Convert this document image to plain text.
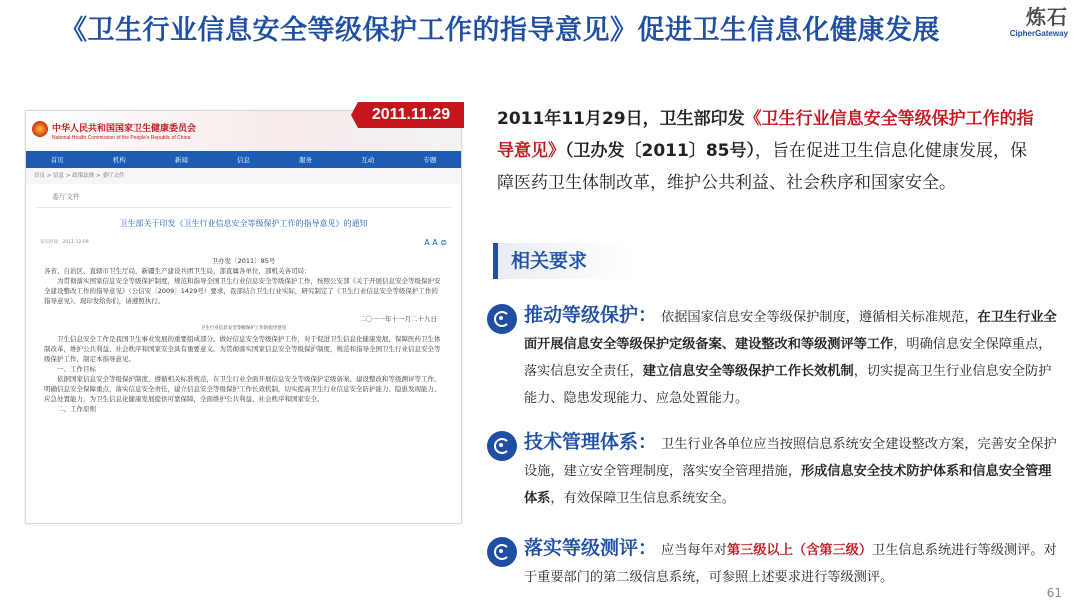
《卫生行业信息安全等级保护工作的指导意见》促进卫生信息化健康发展	炼石
CipherGateway
中华人民共和国国家卫生健康委员会
National Health Commission of the People's Republic of China
首页	机构	新闻	信息	服务	互动	专题
首页 > 信息 > 政策法规 > 委厅文件
委厅文件
卫生部关于印发《卫生行业信息安全等级保护工作的指导意见》的通知
发布时间：2011-12-09	A A ⊜

卫办发〔2011〕85号

各省、自治区、直辖市卫生厅局，新疆生产建设兵团卫生局，部直属各单位，部机关各司局：

为贯彻落实国家信息安全等级保护制度，规范和指导全国卫生行业信息安全等级保护工作，按照公安部《关于开展信息安全等级保护安全建设整改工作的指导意见》（公信安〔2009〕1429号）要求，我部结合卫生行业实际，研究制定了《卫生行业信息安全等级保护工作的指导意见》。现印发给你们，请遵照执行。

二〇一一年十一月二十九日

卫生行业信息安全等级保护工作的指导意见

卫生信息安全工作是我国卫生事业发展的重要组成部分。做好信息安全等级保护工作，对于促进卫生信息化健康发展，保障医药卫生体制改革，维护公共利益、社会秩序和国家安全具有重要意义。为贯彻落实国家信息安全等级保护制度，规范和指导全国卫生行业信息安全等级保护工作，制定本指导意见。

一、工作目标

依据国家信息安全等级保护制度，遵循相关标准规范，在卫生行业全面开展信息安全等级保护定级备案、建设整改和等级测评等工作，明确信息安全保障重点，落实信息安全责任，建立信息安全等级保护工作长效机制，切实提高卫生行业信息安全防护能力、隐患发现能力、应急处置能力，为卫生信息化健康发展提供可靠保障，全面维护公共利益、社会秩序和国家安全。

二、工作原则

2011.11.29	2011年11月29日，卫生部印发《卫生行业信息安全等级保护工作的指导意见》（卫办发〔2011〕85号），旨在促进卫生信息化健康发展，保障医药卫生体制改革，维护公共利益、社会秩序和国家安全。
相关要求
推动等级保护： 依据国家信息安全等级保护制度，遵循相关标准规范，在卫生行业全面开展信息安全等级保护定级备案、建设整改和等级测评等工作，明确信息安全保障重点，落实信息安全责任，建立信息安全等级保护工作长效机制，切实提高卫生行业信息安全防护能力、隐患发现能力、应急处置能力。
技术管理体系： 卫生行业各单位应当按照信息系统安全建设整改方案，完善安全保护设施，建立安全管理制度，落实安全管理措施，形成信息安全技术防护体系和信息安全管理体系，有效保障卫生信息系统安全。
落实等级测评： 应当每年对第三级以上（含第三级）卫生信息系统进行等级测评。对于重要部门的第二级信息系统，可参照上述要求进行等级测评。
61
